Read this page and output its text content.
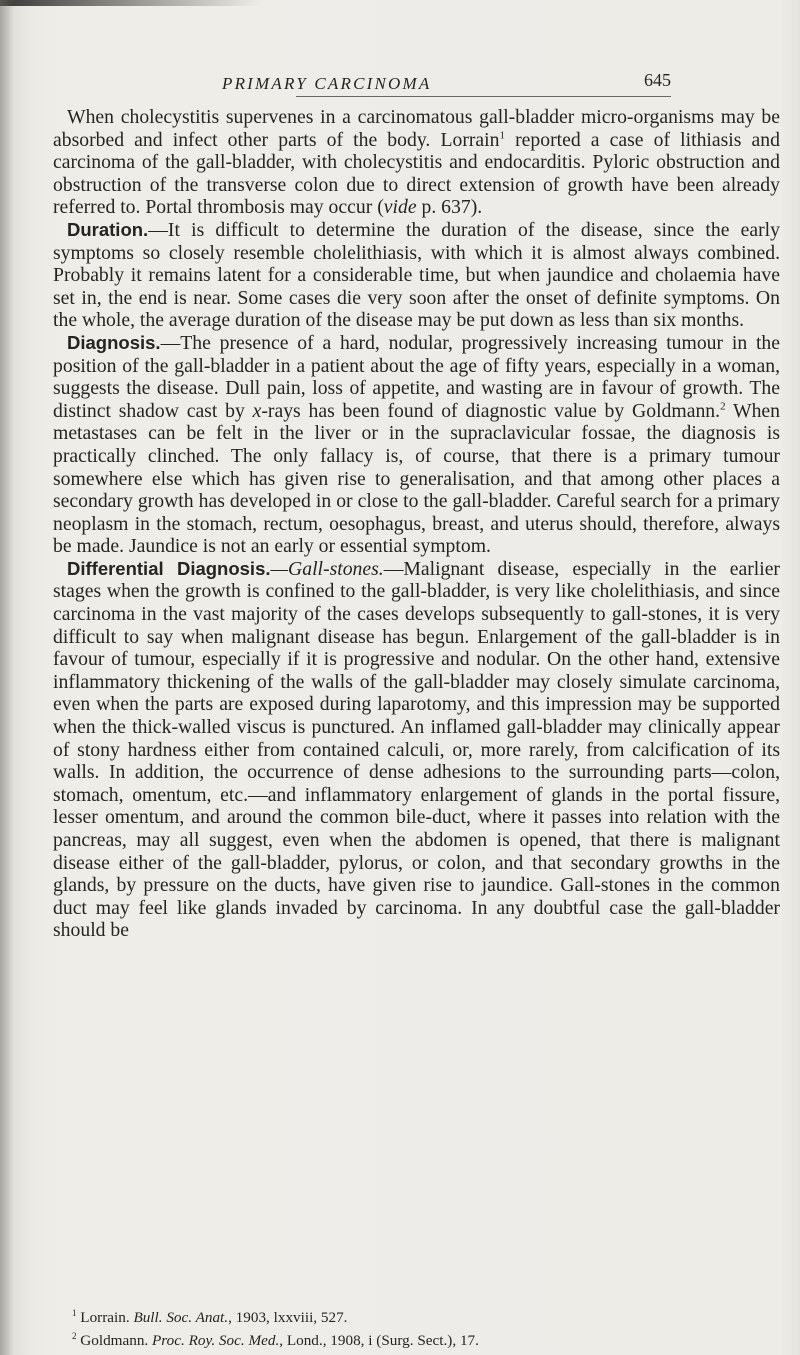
PRIMARY CARCINOMA	645

When cholecystitis supervenes in a carcinomatous gall-bladder micro-organisms may be absorbed and infect other parts of the body. Lorrain$^1$ reported a case of lithiasis and carcinoma of the gall-bladder, with cholecystitis and endocarditis. Pyloric obstruction and obstruction of the transverse colon due to direct extension of growth have been already referred to. Portal thrombosis may occur (vide p. 637).

Duration.—It is difficult to determine the duration of the disease, since the early symptoms so closely resemble cholelithiasis, with which it is almost always combined. Probably it remains latent for a considerable time, but when jaundice and cholaemia have set in, the end is near. Some cases die very soon after the onset of definite symptoms. On the whole, the average duration of the disease may be put down as less than six months.

Diagnosis.—The presence of a hard, nodular, progressively increasing tumour in the position of the gall-bladder in a patient about the age of fifty years, especially in a woman, suggests the disease. Dull pain, loss of appetite, and wasting are in favour of growth. The distinct shadow cast by x-rays has been found of diagnostic value by Goldmann.$^2$ When metastases can be felt in the liver or in the supraclavicular fossae, the diagnosis is practically clinched. The only fallacy is, of course, that there is a primary tumour somewhere else which has given rise to generalisation, and that among other places a secondary growth has developed in or close to the gall-bladder. Careful search for a primary neoplasm in the stomach, rectum, oesophagus, breast, and uterus should, therefore, always be made. Jaundice is not an early or essential symptom.

Differential Diagnosis.—Gall-stones.—Malignant disease, especially in the earlier stages when the growth is confined to the gall-bladder, is very like cholelithiasis, and since carcinoma in the vast majority of the cases develops subsequently to gall-stones, it is very difficult to say when malignant disease has begun. Enlargement of the gall-bladder is in favour of tumour, especially if it is progressive and nodular. On the other hand, extensive inflammatory thickening of the walls of the gall-bladder may closely simulate carcinoma, even when the parts are exposed during laparotomy, and this impression may be supported when the thick-walled viscus is punctured. An inflamed gall-bladder may clinically appear of stony hardness either from contained calculi, or, more rarely, from calcification of its walls. In addition, the occurrence of dense adhesions to the surrounding parts—colon, stomach, omentum, etc.—and inflammatory enlargement of glands in the portal fissure, lesser omentum, and around the common bile-duct, where it passes into relation with the pancreas, may all suggest, even when the abdomen is opened, that there is malignant disease either of the gall-bladder, pylorus, or colon, and that secondary growths in the glands, by pressure on the ducts, have given rise to jaundice. Gall-stones in the common duct may feel like glands invaded by carcinoma. In any doubtful case the gall-bladder should be

$^1$ Lorrain. Bull. Soc. Anat., 1903, lxxviii, 527.
$^2$ Goldmann. Proc. Roy. Soc. Med., Lond., 1908, i (Surg. Sect.), 17.
